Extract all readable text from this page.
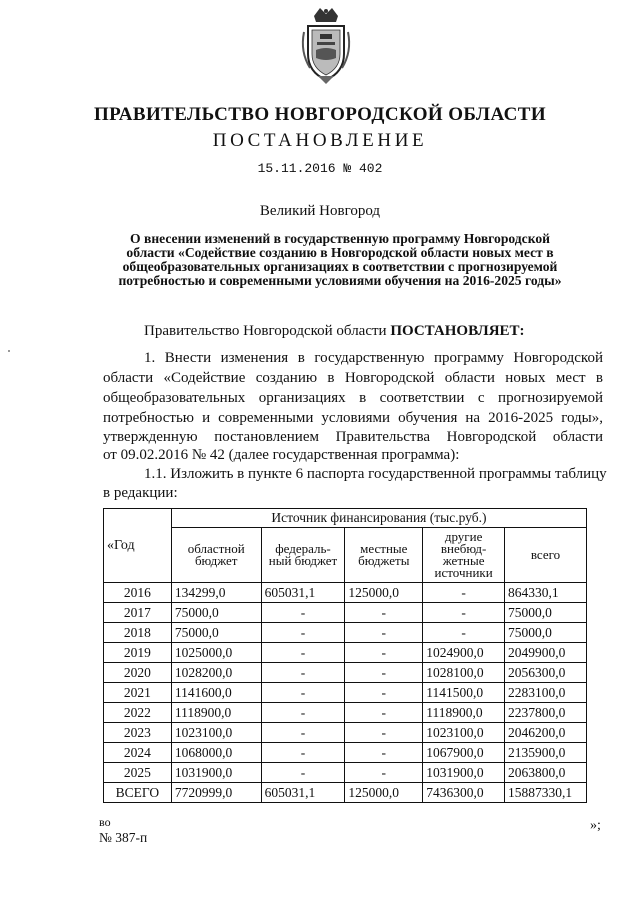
ПРАВИТЕЛЬСТВО НОВГОРОДСКОЙ ОБЛАСТИ
ПОСТАНОВЛЕНИЕ
15.11.2016 № 402
Великий Новгород
О внесении изменений в государственную программу Новгородской
области «Содействие созданию в Новгородской области новых мест в
общеобразовательных организациях в соответствии с прогнозируемой
потребностью и современными условиями обучения на 2016-2025 годы»
Правительство Новгородской области ПОСТАНОВЛЯЕТ:
1. Внести изменения в государственную программу Новгородской
области «Содействие созданию в Новгородской области новых мест в
общеобразовательных организациях в соответствии с прогнозируемой
потребностью и современными условиями обучения на 2016-2025 годы»,
утвержденную постановлением Правительства Новгородской области
от 09.02.2016 № 42 (далее государственная программа):
1.1. Изложить в пункте 6 паспорта государственной программы таблицу
в редакции:
«Год	Источник финансирования (тыс.руб.)				
	областной бюджет	федераль-ный бюджет	местные бюджеты	другие внебюд-жетные источники	всего
2016	134299,0	605031,1	125000,0	-	864330,1
2017	75000,0	-	-	-	75000,0
2018	75000,0	-	-	-	75000,0
2019	1025000,0	-	-	1024900,0	2049900,0
2020	1028200,0	-	-	1028100,0	2056300,0
2021	1141600,0	-	-	1141500,0	2283100,0
2022	1118900,0	-	-	1118900,0	2237800,0
2023	1023100,0	-	-	1023100,0	2046200,0
2024	1068000,0	-	-	1067900,0	2135900,0
2025	1031900,0	-	-	1031900,0	2063800,0
ВСЕГО	7720999,0	605031,1	125000,0	7436300,0	15887330,1
»;
во
№ 387-п
